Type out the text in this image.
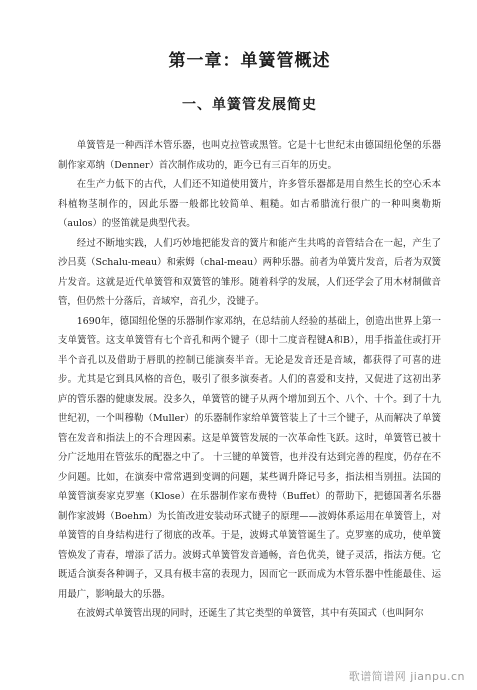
第一章：单簧管概述
一、单簧管发展简史

单簧管是一种西洋木管乐器，也叫克拉管或黑管。它是十七世纪末由德国纽伦堡的乐器制作家邓纳（Denner）首次制作成功的，距今已有三百年的历史。

在生产力低下的古代，人们还不知道使用簧片，许多管乐器都是用自然生长的空心禾本科植物茎制作的，因此乐器一般都比较简单、粗糙。如古希腊流行很广的一种叫奥勒斯（aulos）的竖笛就是典型代表。

经过不断地实践，人们巧妙地把能发音的簧片和能产生共鸣的音管结合在一起，产生了沙吕莫（Schalu-meau）和索姆（chal-meau）两种乐器。前者为单簧片发音，后者为双簧片发音。这就是近代单簧管和双簧管的雏形。随着科学的发展，人们还学会了用木材制做音管，但仍然十分落后，音域窄，音孔少，没键子。

1690年，德国纽伦堡的乐器制作家邓纳，在总结前人经验的基础上，创造出世界上第一支单簧管。这支单簧管有七个音孔和两个键子（即十二度音程键A和B），用手指盖住或打开半个音孔以及借助于唇肌的控制已能演奏半音。无论是发音还是音域，都获得了可喜的进步。尤其是它到具风格的音色，吸引了很多演奏者。人们的喜爱和支持，又促进了这初出茅庐的管乐器的健康发展。没多久，单簧管的键子从两个增加到五个、八个、十个。到了十九世纪初，一个叫穆勒（Muller）的乐器制作家给单簧管装上了十三个键子，从而解决了单簧管在发音和指法上的不合理因素。这是单簧管发展的一次革命性飞跃。这时，单簧管已被十分广泛地用在管弦乐的配器之中了。 十三键的单簧管，也并没有达到完善的程度，仍存在不少问题。比如，在演奏中常常遇到变调的问题，某些调升降记号多，指法相当别扭。法国的单簧管演奏家克罗塞（Klose）在乐器制作家布费特（Buffet）的帮助下，把德国著名乐器制作家波姆（Boehm）为长笛改进安装动环式键子的原理——波姆体系运用在单簧管上，对单簧管的自身结构进行了彻底的改革。于是，波姆式单簧管诞生了。克罗塞的成功，使单簧管焕发了青春，增添了活力。波姆式单簧管发音通畅，音色优美，键子灵活，指法方便。它既适合演奏各种调子，又具有极丰富的表现力，因而它一跃而成为木管乐器中性能最佳、运用最广，影响最大的乐器。

在波姆式单簧管出现的同时，还诞生了其它类型的单簧管，其中有英国式（也叫阿尔

歌谱简谱网 jianpu.cn
